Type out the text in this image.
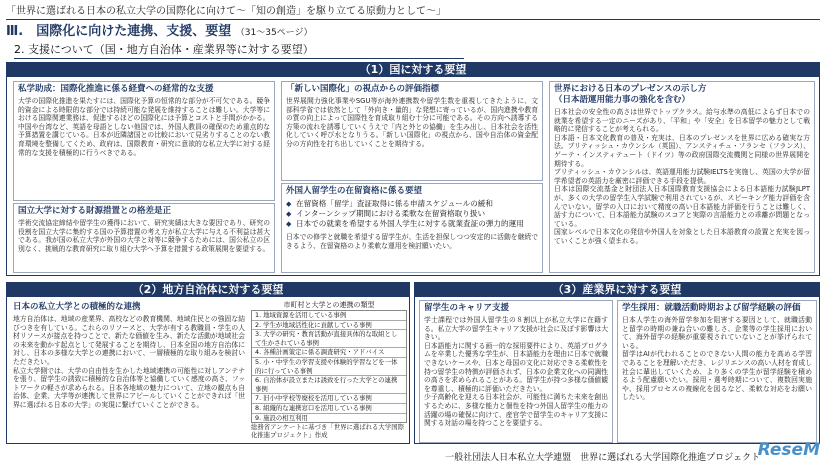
「世界に選ばれる日本の私立大学の国際化に向けて〜「知の創造」を駆り立てる原動力として〜」
Ⅲ.　国際化に向けた連携、支援、要望 （31〜35ページ）
2. 支援について（国・地方自治体・産業界等に対する要望）
（1）国に対する要望
私学助成：国際化推進に係る経費への経常的な支援
大学の国際化推進を果たすには、国際化予算の恒常的な部分が不可欠である。競争的資金による時限的な部分では持続可能な発展を維持することは難しい。大学等における国際関連業務は、促進するほどの国際化には予算とコストと手間がかかる。
中国や台湾など、英語を母語としない他国では、外国人教員の確保のため重点的な予算措置を講じている。日本が近隣諸国との比較において見劣りすることのない教育環境を整備してくため、政府は、国際教育・研究に意欲的な私立大学に対する経常的な支援を積極的に行うべきである。
国立大学に対する財源措置との格差是正
学術交流協定締結や留学生の獲得において、研究実績は大きな要因であり、研究の役割を国立大学に集約する国の予算措置の考え方が私立大学に与える不利益は甚大である。我が国の私立大学が外国の大学と対等に競争するためには、国公私立の区別なく、挑戦的な教育研究に取り組む大学へ予算を措置する政策展開を要望する。
「新しい国際化」の視点からの評価指標
世界展開力強化事業やSGU等が海外連携数や留学生数を重視してきたように、文部科学省では依然として「外向き・量的」な発想に寄っているが、国内進携や教育の質の向上によって国際性を育成取り組む十分に可能である。その方向へ誘導する方策の流れを誘導していくうえで「内と外との協働」を生み出し、日本社会を活性化していく呼び水となりうる。「新しい国際化」の視点から、国や自治体の資金配分の方向性を打ち出していくことを期待する。
外国人留学生の在留資格に係る要望
◆ 在留資格「留学」査証取得に係る申請スケジュールの緩和
◆ インターンシップ期間における柔軟な在留資格取り扱い
◆ 日本での就業を希望する外国人学生に対する就業査証の弾力的運用
日本での修学と就職を希望する留学生が、生活を担保しつつ安定的に活動を継続できるよう、在留資格のより柔軟な運用を検討願いたい。
世界における日本のプレゼンスの示し方
（日本語運用能力事の強化を含む）
日本社会の安全性の高さは世界でトップクラス。給与水準の高低によらず日本での就業を希望する一定のニーズがあり、「平和」や「安全」を日本留学の魅力として戦略的に発信することが考えられる。
日本語・日本文化教育の普及・充実は、日本のプレゼンスを世界に広める確実な方法。ブリティッシュ・カウンシル（英国）、アンスティチュ・フランセ（フランス）、ゲーテ・インスティテュート（ドイツ）等の政府国際交流機関と同様の世界展開を期待する。
ブリティッシュ・カウンシルは、英語運用能力試験IELTSを実施し、英国の大学が留学希望者の英語力を厳密に評価できる手段を提供。
日本は国際交流基金と財団法人日本国際教育支援協会による日本語能力試験JLPTが、多くの大学の留学生入学試験で利用されているが、スピーキング能力評価を含んでいない。留学の入口において精度の高い日本語能力評価を行うことは難しく、話す力について、日本語能力試験のスコアと実際の言語能力との乖離が問題となっている。
国家レベルで日本文化の発信や外国人を対象とした日本語教育の設置と充実を図っていくことが強く望まれる。
（2）地方自治体に対する要望
日本の私立大学との積極的な連携
地方自治体は、地域の産業界、高校などの教育機関、地域住民との強固な結びつきを有している。これらのリソースと、大学が有する教職員・学生の人材リソースが接点を持つことで、新たな価値を生み、新たな活動が地域社会の未来を動かす起点として発展することを期待し、日本全国の地方自治体に対し、日本の多様な大学との連携において、一層積極的な取り組みを検討いただきたい。
私立大学側では、大学の自由性を生かした地域連携の可能性に対しアンテナを張り、留学生の誘致に積極的な自治体等と協働していく感度の高さ、フットワークの軽さが求められる。日本各地域の魅力について、立地の観点も自治体、企業、大学等が連携して世界にアピールしていくことができれば「世界に選ばれる日本の大学」の実現に繋げていくことができる。
市町村と大学との連携の類型
1. 地域資源を活用している事例
2. 学生が地域活性化に貢献している事例
3. 大学の研究・教育活動が直接具体的な取組として生かされている事例
4. 各種計画策定に係る調査研究・アドバイス
5. 小・中学生の学習支援や体験的学習などを一体的に行っている事例
6. 自治体が設立または誘致を行った大学との連携事例
7. 旧小中学校等廃校を活用している事例
8. 組織的な連携窓口を活用している事例
9. 施設の相互利用
総務省アンケートに基づき「世界に選ばれる大学国際化推進プロジェクト」作成
（3）産業界に対する要望
留学生のキャリア支援
学士課程では外国人留学生の８割以上が私立大学に在籍する。私立大学の留学生キャリア支援が社会に及ぼす影響は大きい。
日本語能力に関する画一的な採用要件により、英語プログラムを卒業した優秀な学生が、日本語能力を理由に日本で就職できないケースや、日本と母国の文化に対応できる柔軟性を持つ留学生の特徴が評価されず、日本の企業文化への同調性の高さを求められることがある。留学生が持つ多様な価値観を尊重し、積極的に評価いただきたい。
少子高齢化を迎える日本社会が、可能性に満ちた未来を創出するために、多様な能力と個性を持つ外国人留学生の能力の活躍の場の確保に向けて、産官学で留学生のキャリア支援に関する対話の場を持つことを要望する。
学生採用：就職活動時期および留学経験の評価
日本人学生の海外留学参加を阻害する要因として、就職活動と留学の時期の兼ね合いの難しさ、企業等の学生採用において、海外留学の経験が重要視されていないことが挙げられている。
留学はAIが代われることのできない人間の能力を高める学習であることを理解いただき、レジリエンスの高い人材を育成し社会に輩出していくため、より多くの学生が留学経験を積めるよう配慮願いたい。採用・選考時期について、複数回実施や、採用プロセスの複線化を図るなど、柔軟な対応をお願いしたい。
一般社団法人日本私立大学連盟　世界に選ばれる大学国際化推進プロジェクト
ReseM
